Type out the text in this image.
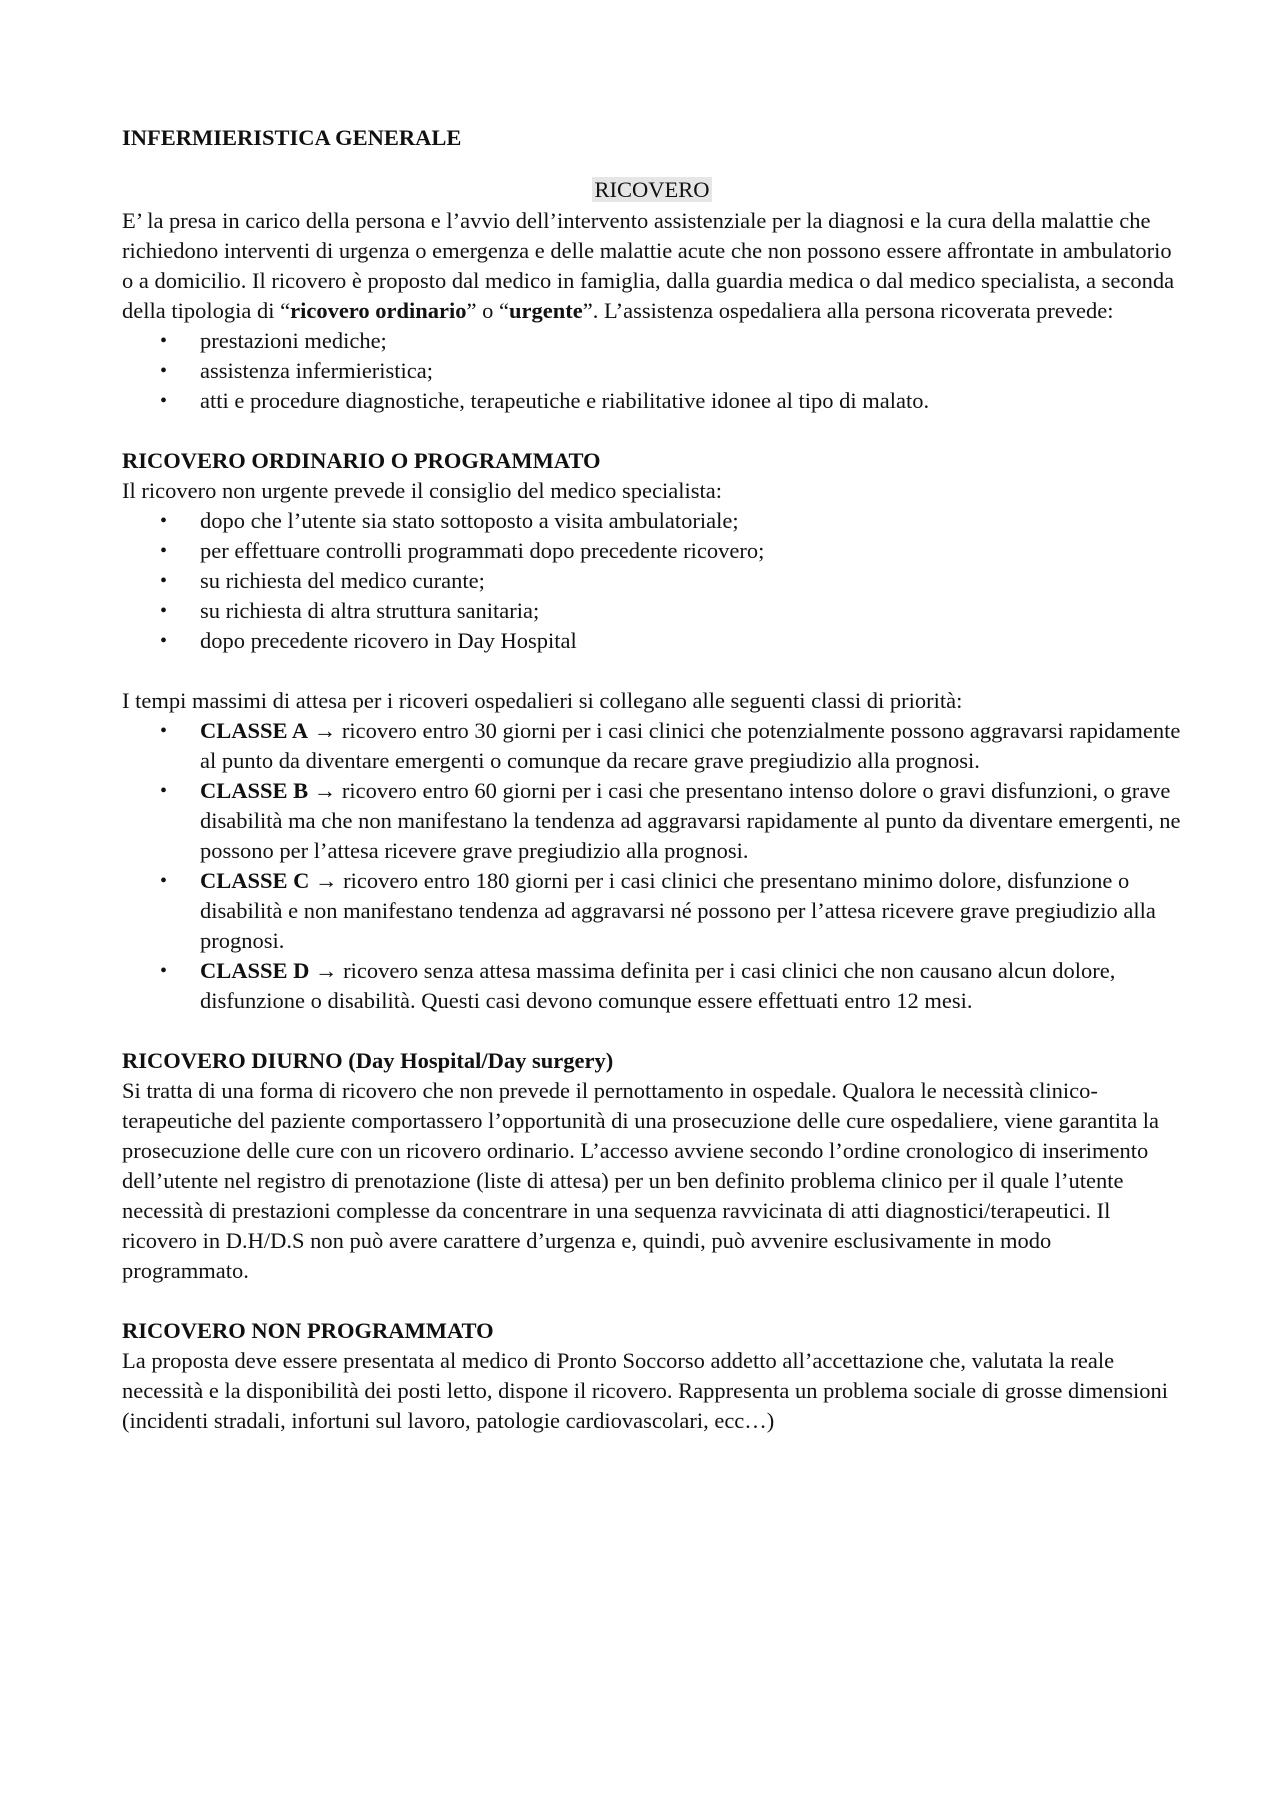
INFERMIERISTICA GENERALE
RICOVERO

E’ la presa in carico della persona e l’avvio dell’intervento assistenziale per la diagnosi e la cura della malattie che richiedono interventi di urgenza o emergenza e delle malattie acute che non possono essere affrontate in ambulatorio o a domicilio. Il ricovero è proposto dal medico in famiglia, dalla guardia medica o dal medico specialista, a seconda della tipologia di “ricovero ordinario” o “urgente”. L’assistenza ospedaliera alla persona ricoverata prevede:

• prestazioni mediche;
• assistenza infermieristica;
• atti e procedure diagnostiche, terapeutiche e riabilitative idonee al tipo di malato.
RICOVERO ORDINARIO O PROGRAMMATO

Il ricovero non urgente prevede il consiglio del medico specialista:

• dopo che l’utente sia stato sottoposto a visita ambulatoriale;
• per effettuare controlli programmati dopo precedente ricovero;
• su richiesta del medico curante;
• su richiesta di altra struttura sanitaria;
• dopo precedente ricovero in Day Hospital

I tempi massimi di attesa per i ricoveri ospedalieri si collegano alle seguenti classi di priorità:

• CLASSE A → ricovero entro 30 giorni per i casi clinici che potenzialmente possono aggravarsi rapidamente al punto da diventare emergenti o comunque da recare grave pregiudizio alla prognosi.
• CLASSE B → ricovero entro 60 giorni per i casi che presentano intenso dolore o gravi disfunzioni, o grave disabilità ma che non manifestano la tendenza ad aggravarsi rapidamente al punto da diventare emergenti, ne possono per l’attesa ricevere grave pregiudizio alla prognosi.
• CLASSE C → ricovero entro 180 giorni per i casi clinici che presentano minimo dolore, disfunzione o disabilità e non manifestano tendenza ad aggravarsi né possono per l’attesa ricevere grave pregiudizio alla prognosi.
• CLASSE D → ricovero senza attesa massima definita per i casi clinici che non causano alcun dolore, disfunzione o disabilità. Questi casi devono comunque essere effettuati entro 12 mesi.
RICOVERO DIURNO (Day Hospital/Day surgery)

Si tratta di una forma di ricovero che non prevede il pernottamento in ospedale. Qualora le necessità clinico-terapeutiche del paziente comportassero l’opportunità di una prosecuzione delle cure ospedaliere, viene garantita la prosecuzione delle cure con un ricovero ordinario. L’accesso avviene secondo l’ordine cronologico di inserimento dell’utente nel registro di prenotazione (liste di attesa) per un ben definito problema clinico per il quale l’utente necessità di prestazioni complesse da concentrare in una sequenza ravvicinata di atti diagnostici/terapeutici. Il ricovero in D.H/D.S non può avere carattere d’urgenza e, quindi, può avvenire esclusivamente in modo programmato.

RICOVERO NON PROGRAMMATO

La proposta deve essere presentata al medico di Pronto Soccorso addetto all’accettazione che, valutata la reale necessità e la disponibilità dei posti letto, dispone il ricovero. Rappresenta un problema sociale di grosse dimensioni (incidenti stradali, infortuni sul lavoro, patologie cardiovascolari, ecc…)
